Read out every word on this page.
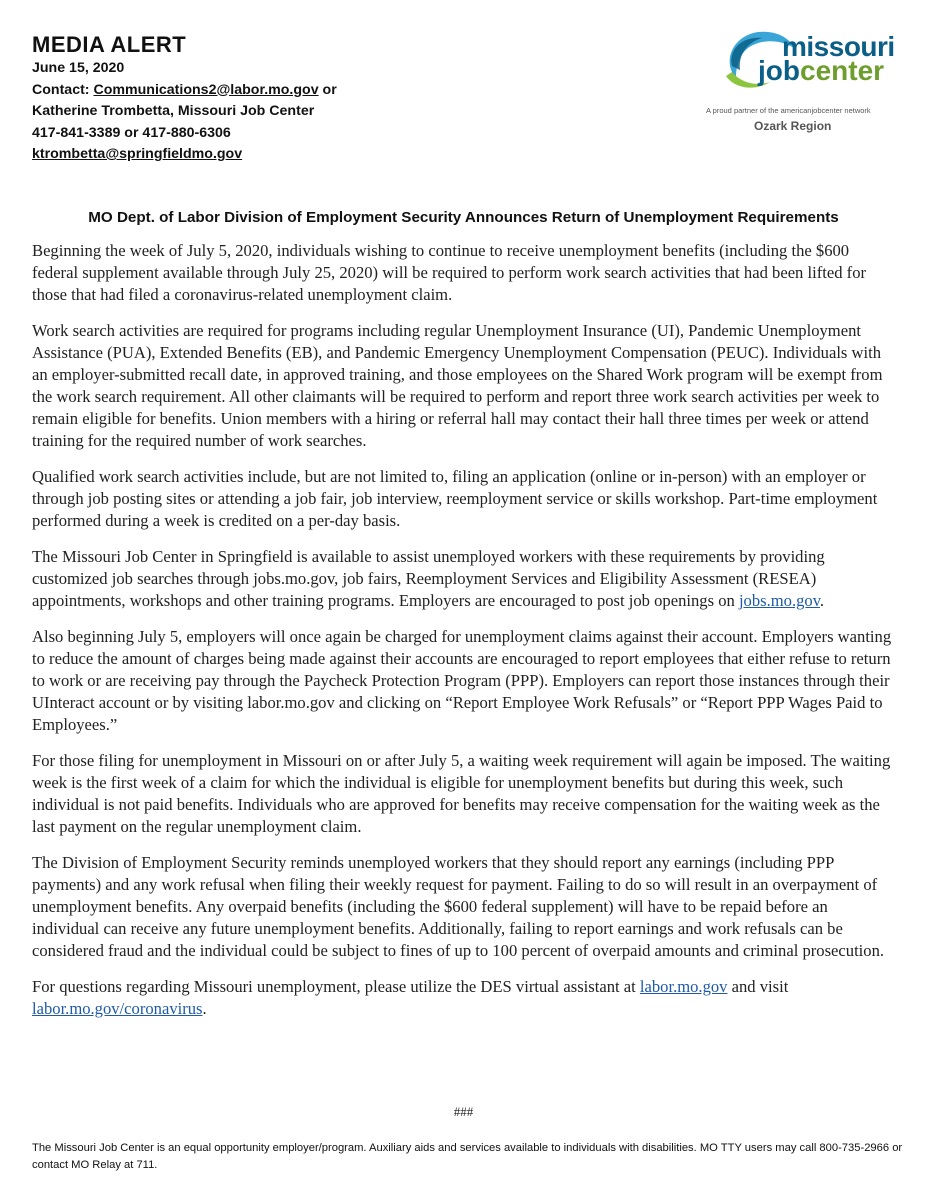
MEDIA ALERT
June 15, 2020
Contact: Communications2@labor.mo.gov or
Katherine Trombetta, Missouri Job Center
417-841-3389 or 417-880-6306
ktrombetta@springfieldmo.gov
missouri
jobcenter
A proud partner of the americanjobcenter network
Ozark Region
MO Dept. of Labor Division of Employment Security Announces Return of Unemployment Requirements

Beginning the week of July 5, 2020, individuals wishing to continue to receive unemployment benefits (including the $600 federal supplement available through July 25, 2020) will be required to perform work search activities that had been lifted for those that had filed a coronavirus-related unemployment claim.

Work search activities are required for programs including regular Unemployment Insurance (UI), Pandemic Unemployment Assistance (PUA), Extended Benefits (EB), and Pandemic Emergency Unemployment Compensation (PEUC). Individuals with an employer-submitted recall date, in approved training, and those employees on the Shared Work program will be exempt from the work search requirement. All other claimants will be required to perform and report three work search activities per week to remain eligible for benefits. Union members with a hiring or referral hall may contact their hall three times per week or attend training for the required number of work searches.

Qualified work search activities include, but are not limited to, filing an application (online or in-person) with an employer or through job posting sites or attending a job fair, job interview, reemployment service or skills workshop. Part-time employment performed during a week is credited on a per-day basis.

The Missouri Job Center in Springfield is available to assist unemployed workers with these requirements by providing customized job searches through jobs.mo.gov, job fairs, Reemployment Services and Eligibility Assessment (RESEA) appointments, workshops and other training programs. Employers are encouraged to post job openings on jobs.mo.gov.

Also beginning July 5, employers will once again be charged for unemployment claims against their account. Employers wanting to reduce the amount of charges being made against their accounts are encouraged to report employees that either refuse to return to work or are receiving pay through the Paycheck Protection Program (PPP). Employers can report those instances through their UInteract account or by visiting labor.mo.gov and clicking on “Report Employee Work Refusals” or “Report PPP Wages Paid to Employees.”

For those filing for unemployment in Missouri on or after July 5, a waiting week requirement will again be imposed. The waiting week is the first week of a claim for which the individual is eligible for unemployment benefits but during this week, such individual is not paid benefits. Individuals who are approved for benefits may receive compensation for the waiting week as the last payment on the regular unemployment claim.

The Division of Employment Security reminds unemployed workers that they should report any earnings (including PPP payments) and any work refusal when filing their weekly request for payment. Failing to do so will result in an overpayment of unemployment benefits. Any overpaid benefits (including the $600 federal supplement) will have to be repaid before an individual can receive any future unemployment benefits. Additionally, failing to report earnings and work refusals can be considered fraud and the individual could be subject to fines of up to 100 percent of overpaid amounts and criminal prosecution.

For questions regarding Missouri unemployment, please utilize the DES virtual assistant at labor.mo.gov and visit labor.mo.gov/coronavirus.

###
The Missouri Job Center is an equal opportunity employer/program. Auxiliary aids and services available to individuals with disabilities. MO TTY users may call 800-735-2966 or contact MO Relay at 711.
